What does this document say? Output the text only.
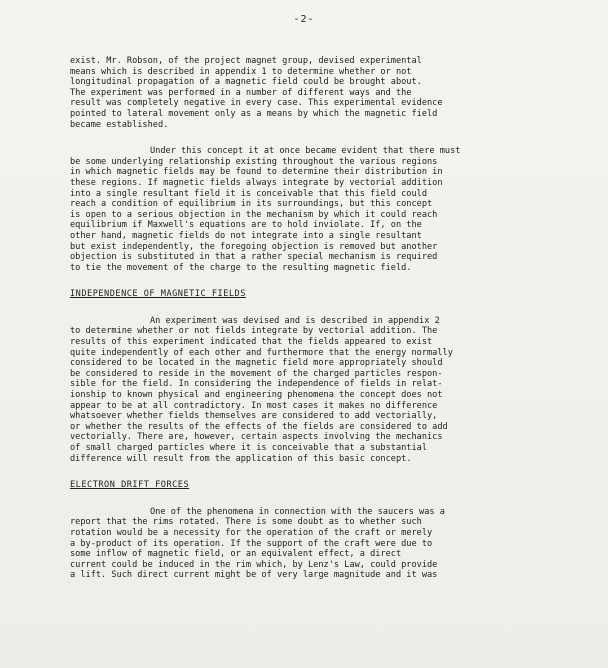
-2-
exist. Mr. Robson, of the project magnet group, devised experimental
means which is described in appendix 1 to determine whether or not
longitudinal propagation of a magnetic field could be brought about.
The experiment was performed in a number of different ways and the
result was completely negative in every case. This experimental evidence
pointed to lateral movement only as a means by which the magnetic field
became established.
Under this concept it at once became evident that there must
be some underlying relationship existing throughout the various regions
in which magnetic fields may be found to determine their distribution in
these regions. If magnetic fields always integrate by vectorial addition
into a single resultant field it is conceivable that this field could
reach a condition of equilibrium in its surroundings, but this concept
is open to a serious objection in the mechanism by which it could reach
equilibrium if Maxwell's equations are to hold inviolate. If, on the
other hand, magnetic fields do not integrate into a single resultant
but exist independently, the foregoing objection is removed but another
objection is substituted in that a rather special mechanism is required
to tie the movement of the charge to the resulting magnetic field.
INDEPENDENCE OF MAGNETIC FIELDS
An experiment was devised and is described in appendix 2
to determine whether or not fields integrate by vectorial addition. The
results of this experiment indicated that the fields appeared to exist
quite independently of each other and furthermore that the energy normally
considered to be located in the magnetic field more appropriately should
be considered to reside in the movement of the charged particles respon-
sible for the field. In considering the independence of fields in relat-
ionship to known physical and engineering phenomena the concept does not
appear to be at all contradictory. In most cases it makes no difference
whatsoever whether fields themselves are considered to add vectorially,
or whether the results of the effects of the fields are considered to add
vectorially. There are, however, certain aspects involving the mechanics
of small charged particles where it is conceivable that a substantial
difference will result from the application of this basic concept.
ELECTRON DRIFT FORCES
One of the phenomena in connection with the saucers was a
report that the rims rotated. There is some doubt as to whether such
rotation would be a necessity for the operation of the craft or merely
a by-product of its operation. If the support of the craft were due to
some inflow of magnetic field, or an equivalent effect, a direct
current could be induced in the rim which, by Lenz's Law, could provide
a lift. Such direct current might be of very large magnitude and it was
